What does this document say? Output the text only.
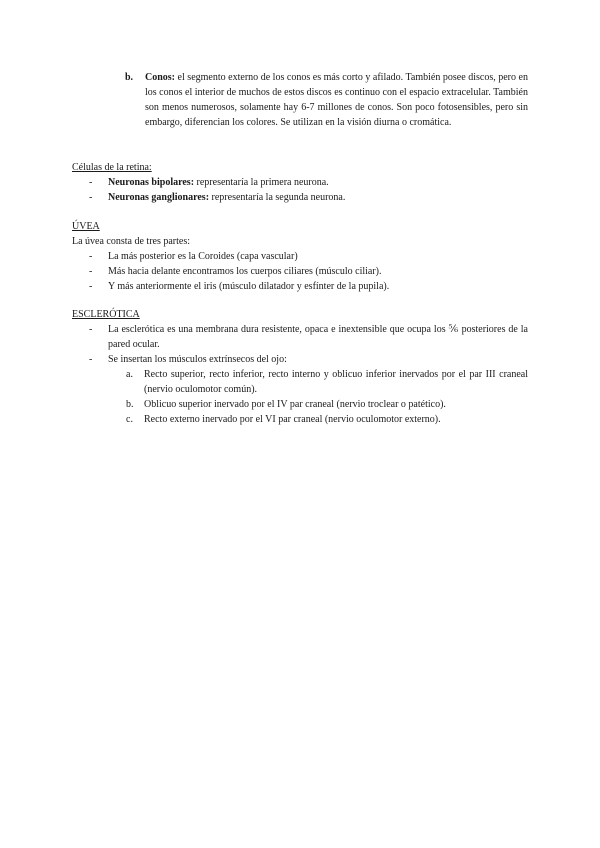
b. Conos: el segmento externo de los conos es más corto y afilado. También posee discos, pero en los conos el interior de muchos de estos discos es continuo con el espacio extracelular. También son menos numerosos, solamente hay 6-7 millones de conos. Son poco fotosensibles, pero sin embargo, diferencian los colores. Se utilizan en la visión diurna o cromática.
Células de la retina:
- Neuronas bipolares: representaría la primera neurona.
- Neuronas ganglionares: representaría la segunda neurona.
ÚVEA
La úvea consta de tres partes:
- La más posterior es la Coroides (capa vascular)
- Más hacia delante encontramos los cuerpos ciliares (músculo ciliar).
- Y más anteriormente el iris (músculo dilatador y esfínter de la pupila).
ESCLERÓTICA
- La esclerótica es una membrana dura resistente, opaca e inextensible que ocupa los ⅚ posteriores de la pared ocular.
- Se insertan los músculos extrínsecos del ojo:
a. Recto superior, recto inferior, recto interno y oblicuo inferior inervados por el par III craneal (nervio oculomotor común).
b. Oblicuo superior inervado por el IV par craneal (nervio troclear o patético).
c. Recto externo inervado por el VI par craneal (nervio oculomotor externo).
